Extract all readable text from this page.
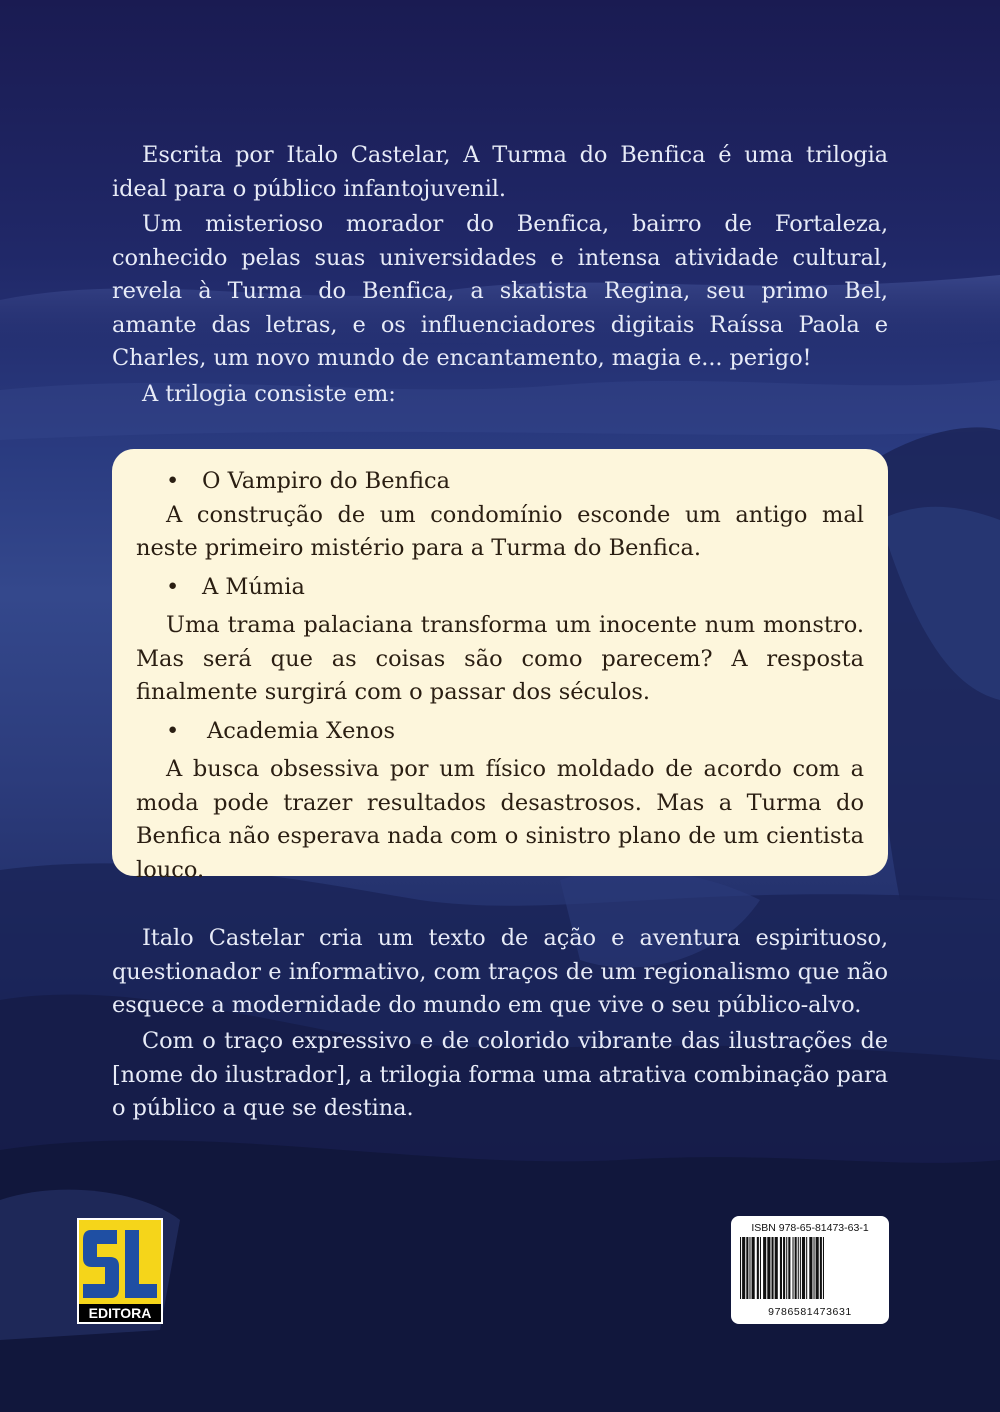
Escrita por Italo Castelar, A Turma do Benfica é uma trilogia ideal para o público infantojuvenil.

Um misterioso morador do Benfica, bairro de Fortaleza, conhecido pelas suas universidades e intensa atividade cultural, revela à Turma do Benfica, a skatista Regina, seu primo Bel, amante das letras, e os influenciadores digitais Raíssa Paola e Charles, um novo mundo de encantamento, magia e... perigo!

A trilogia consiste em:

•	O Vampiro do Benfica

A construção de um condomínio esconde um antigo mal neste primeiro mistério para a Turma do Benfica.

•	A Múmia

Uma trama palaciana transforma um inocente num monstro. Mas será que as coisas são como parecem? A resposta finalmente surgirá com o passar dos séculos.

•	Academia Xenos

A busca obsessiva por um físico moldado de acordo com a moda pode trazer resultados desastrosos. Mas a Turma do Benfica não esperava nada com o sinistro plano de um cientista louco.

Italo Castelar cria um texto de ação e aventura espirituoso, questionador e informativo, com traços de um regionalismo que não esquece a modernidade do mundo em que vive o seu público-alvo.

Com o traço expressivo e de colorido vibrante das ilustrações de [nome do ilustrador], a trilogia forma uma atrativa combinação para o público a que se destina.

EDITORA
ISBN 978-65-81473-63-1
9786581473631
